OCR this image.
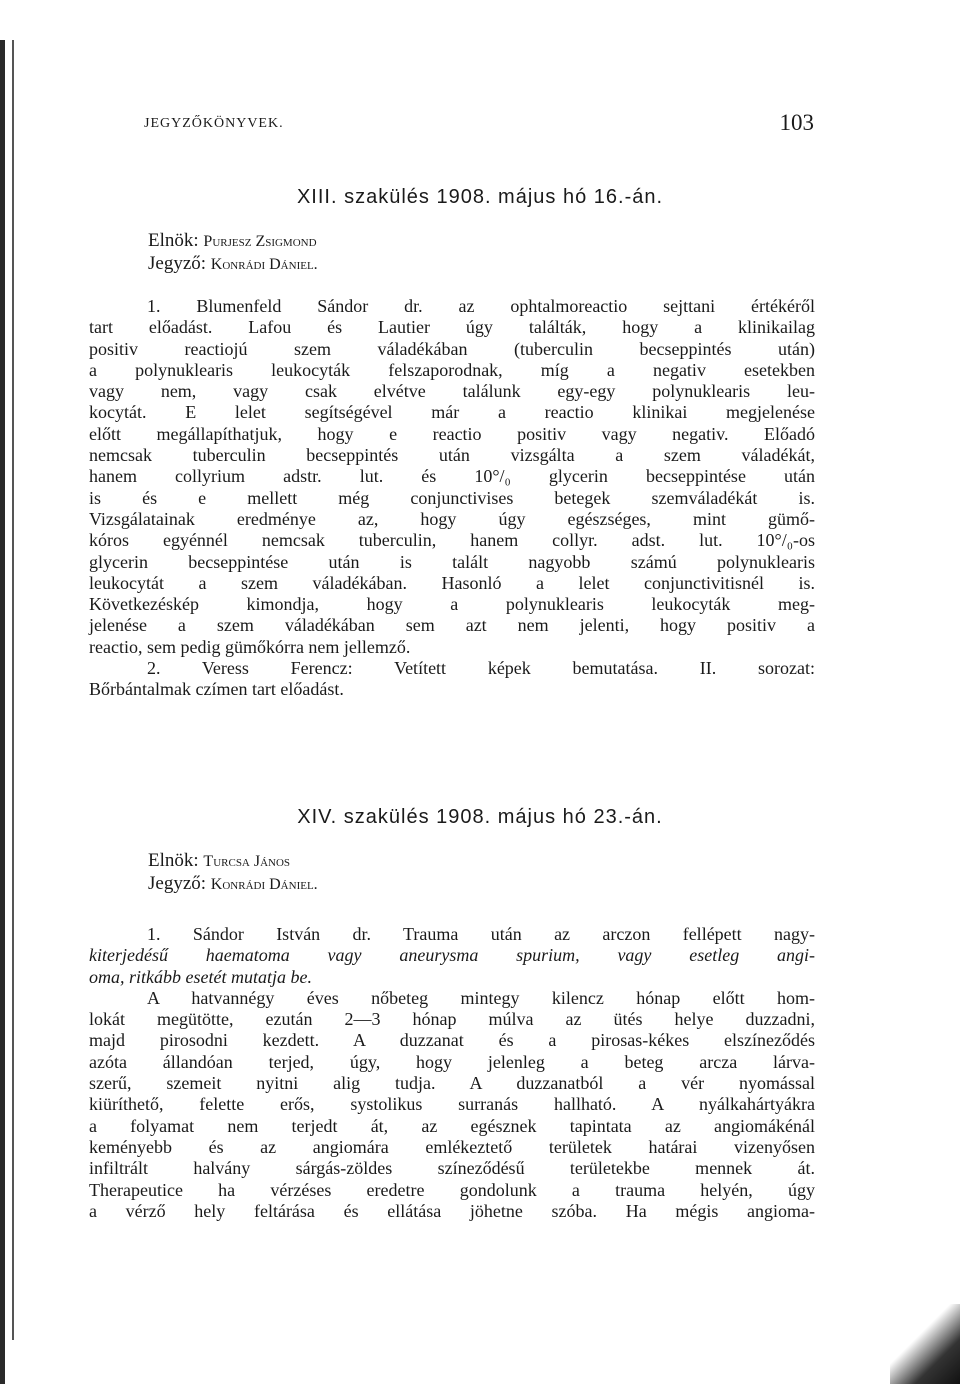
JEGYZŐKÖNYVEK.	103
XIII. szakülés 1908. május hó 16.-án.
Elnök: Purjesz Zsigmond
Jegyző: Konrádi Dániel.
1. Blumenfeld Sándor dr. az ophtalmoreactio sejttani értékéről
tart előadást. Lafou és Lautier úgy találták, hogy a klinikailag
positiv reactiojú szem váladékában (tuberculin becseppintés után)
a polynuklearis leukocyták felszaporodnak, míg a negativ esetekben
vagy nem, vagy csak elvétve találunk egy-egy polynuklearis leu-
kocytát. E lelet segítségével már a reactio klinikai megjelenése
előtt megállapíthatjuk, hogy e reactio positiv vagy negativ. Előadó
nemcsak tuberculin becseppintés után vizsgálta a szem váladékát,
hanem collyrium adstr. lut. és 10°/₀ glycerin becseppintése után
is és e mellett még conjunctivises betegek szemváladékát is.
Vizsgálatainak eredménye az, hogy úgy egészséges, mint gümő-
kóros egyénnél nemcsak tuberculin, hanem collyr. adst. lut. 10°/₀-os
glycerin becseppintése után is talált nagyobb számú polynuklearis
leukocytát a szem váladékában. Hasonló a lelet conjunctivitisnél is.
Következéskép kimondja, hogy a polynuklearis leukocyták meg-
jelenése a szem váladékában sem azt nem jelenti, hogy positiv a
reactio, sem pedig gümőkórra nem jellemző.
2. Veress Ferencz: Vetített képek bemutatása. II. sorozat:
Bőrbántalmak czímen tart előadást.
XIV. szakülés 1908. május hó 23.-án.
Elnök: Turcsa János
Jegyző: Konrádi Dániel.
1. Sándor István dr. Trauma után az arczon fellépett nagy-
kiterjedésű haematoma vagy aneurysma spurium, vagy esetleg angi-
oma, ritkább esetét mutatja be.
A hatvannégy éves nőbeteg mintegy kilencz hónap előtt hom-
lokát megütötte, ezután 2—3 hónap múlva az ütés helye duzzadni,
majd pirosodni kezdett. A duzzanat és a pirosas-kékes elszíneződés
azóta állandóan terjed, úgy, hogy jelenleg a beteg arcza lárva-
szerű, szemeit nyitni alig tudja. A duzzanatból a vér nyomással
kiüríthető, felette erős, systolikus surranás hallható. A nyálkahártyákra
a folyamat nem terjedt át, az egésznek tapintata az angiomákénál
keményebb és az angiomára emlékeztető területek határai vizenyősen
infiltrált halvány sárgás-zöldes színeződésű területekbe mennek át.
Therapeutice ha vérzéses eredetre gondolunk a trauma helyén, úgy
a vérző hely feltárása és ellátása jöhetne szóba. Ha mégis angioma-
